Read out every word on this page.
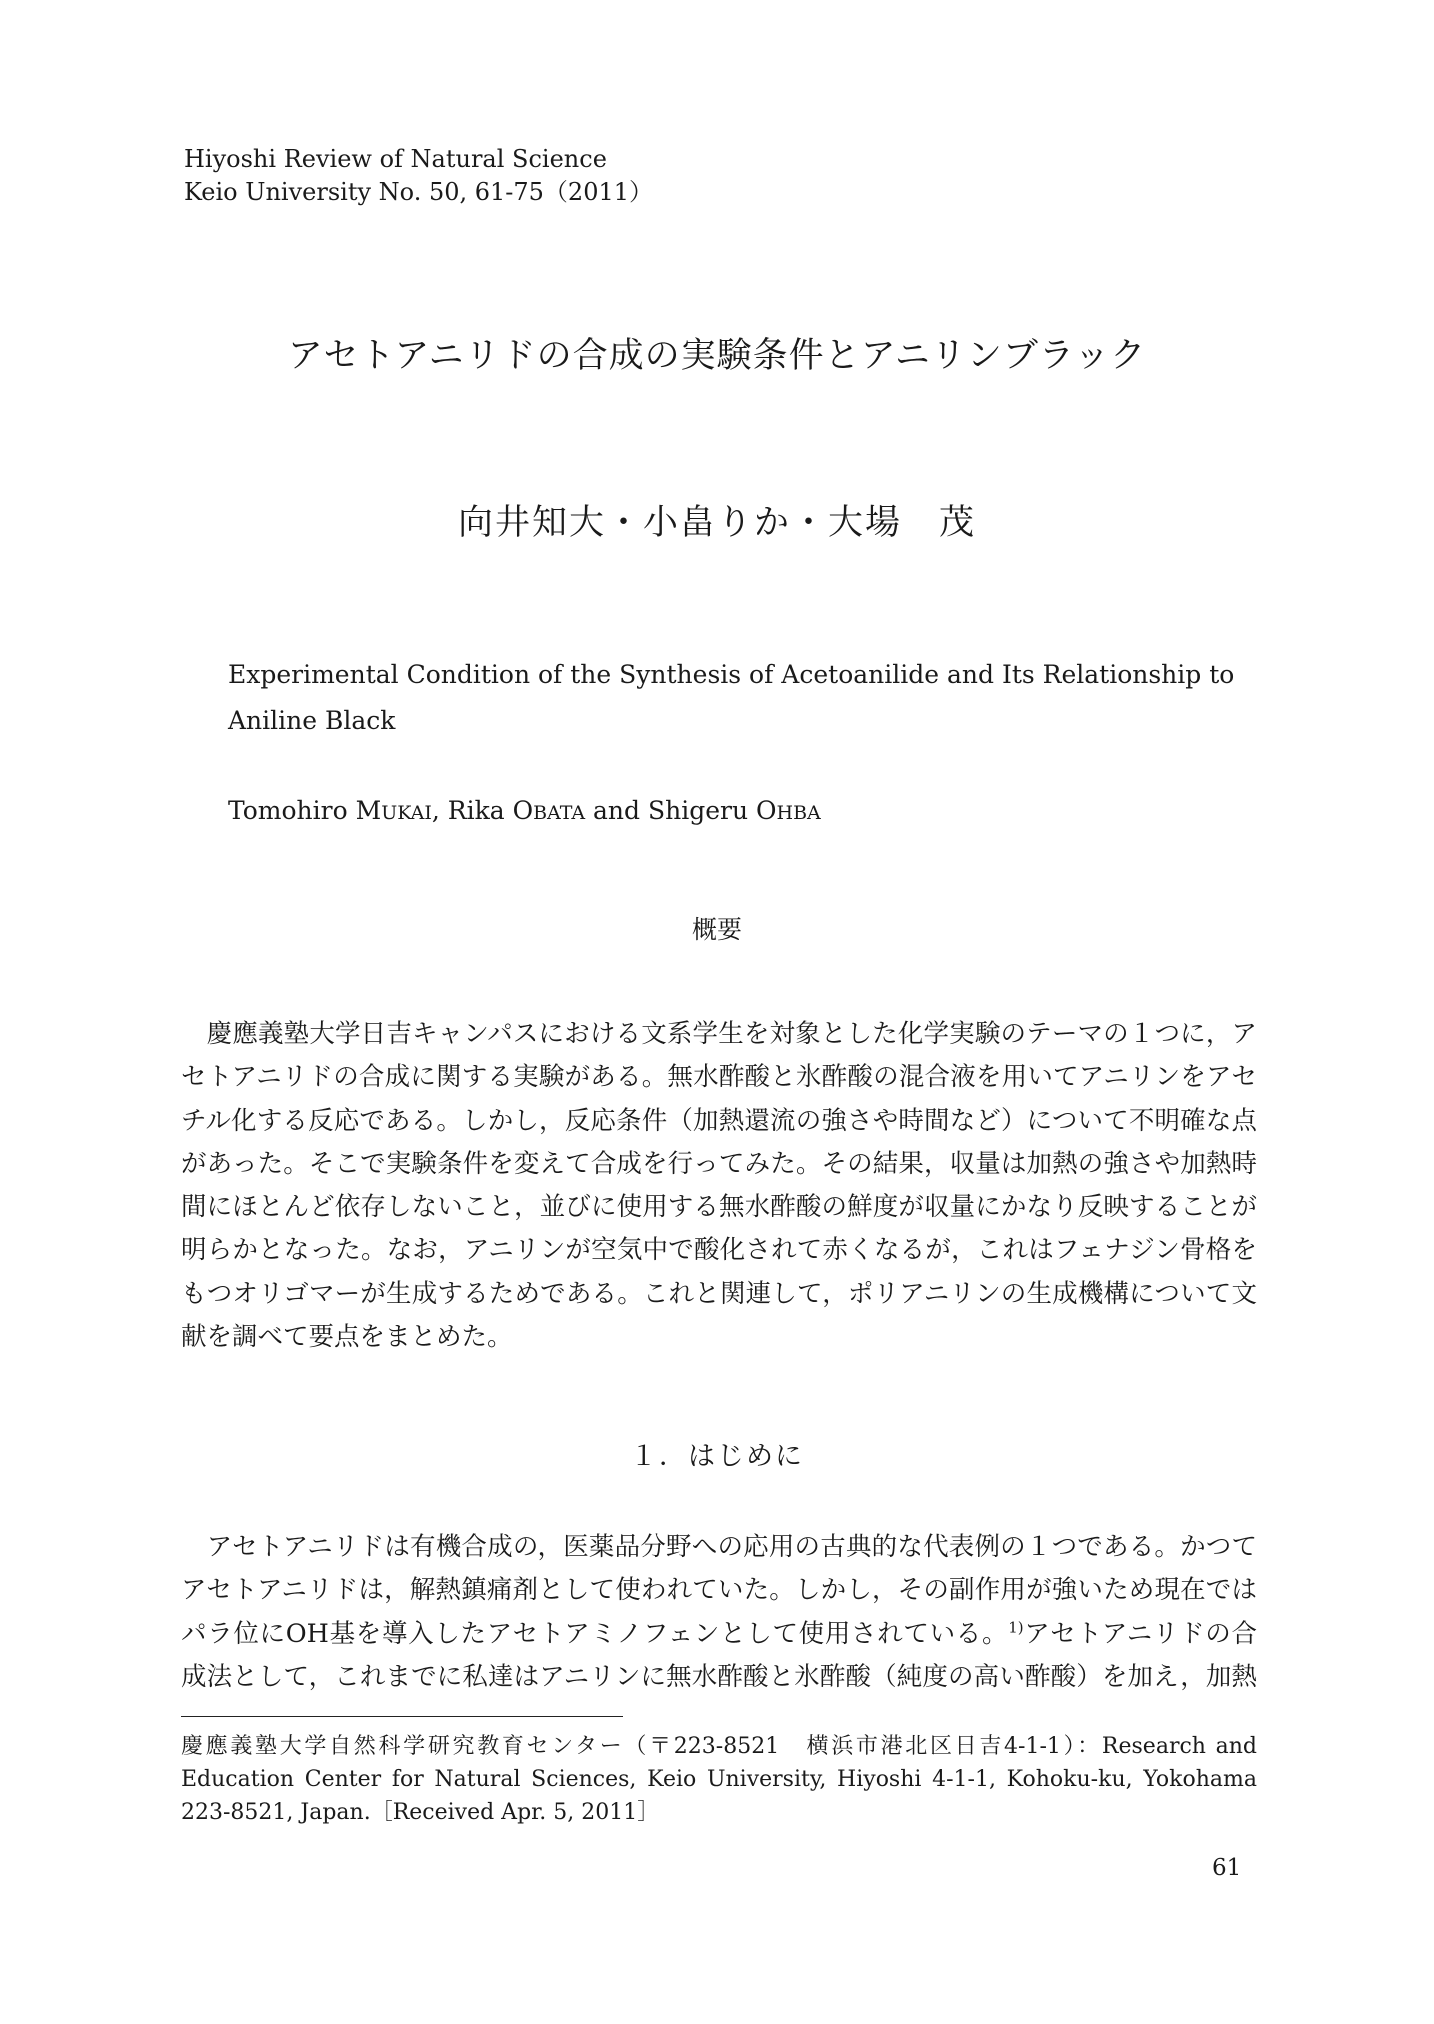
Hiyoshi Review of Natural Science
Keio University No. 50, 61-75（2011）
アセトアニリドの合成の実験条件とアニリンブラック
向井知大・小畠りか・大場　茂
Experimental Condition of the Synthesis of Acetoanilide and Its Relationship to Aniline Black
Tomohiro MUKAI, Rika OBATA and Shigeru OHBA
概要
　慶應義塾大学日吉キャンパスにおける文系学生を対象とした化学実験のテーマの１つに，ア
セトアニリドの合成に関する実験がある。無水酢酸と氷酢酸の混合液を用いてアニリンをアセ
チル化する反応である。しかし，反応条件（加熱還流の強さや時間など）について不明確な点
があった。そこで実験条件を変えて合成を行ってみた。その結果，収量は加熱の強さや加熱時
間にほとんど依存しないこと，並びに使用する無水酢酸の鮮度が収量にかなり反映することが
明らかとなった。なお，アニリンが空気中で酸化されて赤くなるが，これはフェナジン骨格を
もつオリゴマーが生成するためである。これと関連して，ポリアニリンの生成機構について文
献を調べて要点をまとめた。
１．はじめに
　アセトアニリドは有機合成の，医薬品分野への応用の古典的な代表例の１つである。かつて
アセトアニリドは，解熱鎮痛剤として使われていた。しかし，その副作用が強いため現在では
パラ位にOH基を導入したアセトアミノフェンとして使用されている。$^{1)}$アセトアニリドの合
成法として，これまでに私達はアニリンに無水酢酸と氷酢酸（純度の高い酢酸）を加え，加熱
慶應義塾大学自然科学研究教育センター（〒223-8521　横浜市港北区日吉4-1-1）：Research and
Education Center for Natural Sciences, Keio University, Hiyoshi 4-1-1, Kohoku-ku, Yokohama
223-8521, Japan.［Received Apr. 5, 2011］
61
